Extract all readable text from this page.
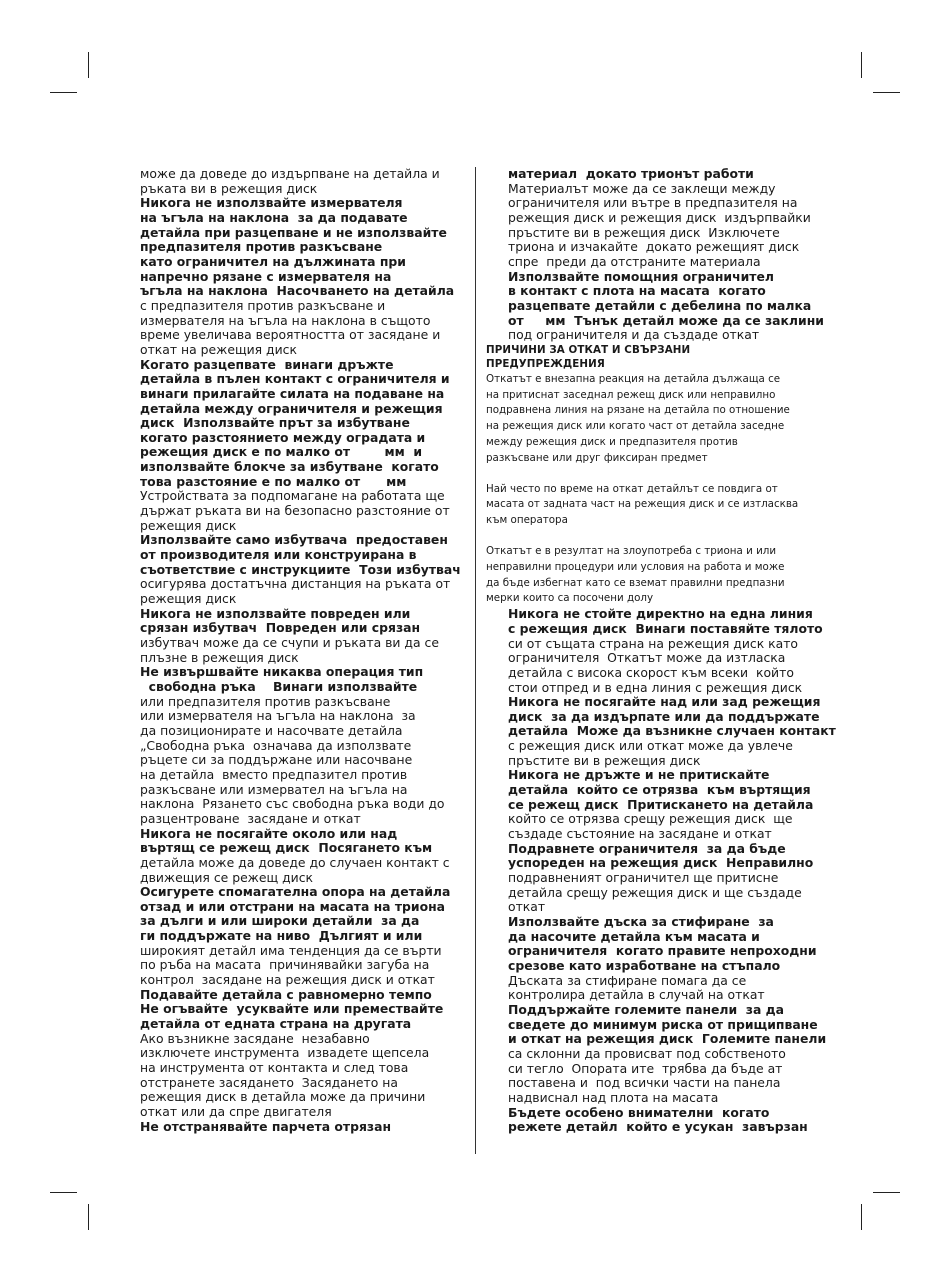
може да доведе до издърпване на детайла и
ръката ви в режещия диск
Никога не използвайте измервателя
на ъгъла на наклона  за да подавате
детайла при разцепване и не използвайте
предпазителя против разкъсване
като ограничител на дължината при
напречно рязане с измервателя на
ъгъла на наклона  Насочването на детайла
с предпазителя против разкъсване и
измервателя на ъгъла на наклона в същото
време увеличава вероятността от засядане и
откат на режещия диск
Когато разцепвате  винаги дръжте
детайла в пълен контакт с ограничителя и
винаги прилагайте силата на подаване на
детайла между ограничителя и режещия
диск  Използвайте прът за избутване
когато разстоянието между оградата и
режещия диск е по малко от        мм  и
използвайте блокче за избутване  когато
това разстояние е по малко от      мм
Устройствата за подпомагане на работата ще
държат ръката ви на безопасно разстояние от
режещия диск
Използвайте само избутвача  предоставен
от производителя или конструирана в
съответствие с инструкциите  Този избутвач
осигурява достатъчна дистанция на ръката от
режещия диск
Никога не използвайте повреден или
срязан избутвач  Повреден или срязан
избутвач може да се счупи и ръката ви да се
плъзне в режещия диск
Не извършвайте никаква операция тип
свободна ръка    Винаги използвайте
или предпазителя против разкъсване
или измервателя на ъгъла на наклона  за
да позиционирате и насочвате детайла
„Свободна ръка  означава да използвате
ръцете си за поддържане или насочване
на детайла  вместо предпазител против
разкъсване или измервател на ъгъла на
наклона  Рязането със свободна ръка води до
разцентроване  засядане и откат
Никога не посягайте около или над
въртящ се режещ диск  Посягането към
детайла може да доведе до случаен контакт с
движещия се режещ диск
Осигурете спомагателна опора на детайла
отзад и или отстрани на масата на триона
за дълги и или широки детайли  за да
ги поддържате на ниво  Дългият и или
широкият детайл има тенденция да се върти
по ръба на масата  причинявайки загуба на
контрол  засядане на режещия диск и откат
Подавайте детайла с равномерно темпо
Не огъвайте  усуквайте или премествайте
детайла от едната страна на другата
Ако възникне засядане  незабавно
изключете инструмента  извадете щепсела
на инструмента от контакта и след това
отстранете засядането  Засядането на
режещия диск в детайла може да причини
откат или да спре двигателя
Не отстранявайте парчета отрязан
материал  докато трионът работи
Материалът може да се заклещи между
ограничителя или вътре в предпазителя на
режещия диск и режещия диск  издърпвайки
пръстите ви в режещия диск  Изключете
триона и изчакайте  докато режещият диск
спре  преди да отстраните материала
Използвайте помощния ограничител
в контакт с плота на масата  когато
разцепвате детайли с дебелина по малка
от     мм  Тънък детайл може да се заклини
под ограничителя и да създаде откат
ПРИЧИНИ ЗА ОТКАТ И СВЪРЗАНИ
ПРЕДУПРЕЖДЕНИЯ
Откатът е внезапна реакция на детайла дължаща се
на притиснат заседнал режещ диск или неправилно
подравнена линия на рязане на детайла по отношение
на режещия диск или когато част от детайла заседне
между режещия диск и предпазителя против
разкъсване или друг фиксиран предмет
Най често по време на откат детайлът се повдига от
масата от задната част на режещия диск и се изтласква
към оператора
Откатът е в резултат на злоупотреба с триона и или
неправилни процедури или условия на работа и може
да бъде избегнат като се вземат правилни предпазни
мерки които са посочени долу
Никога не стойте директно на една линия
с режещия диск  Винаги поставяйте тялото
си от същата страна на режещия диск като
ограничителя  Откатът може да изтласка
детайла с висока скорост към всеки  който
стои отпред и в една линия с режещия диск
Никога не посягайте над или зад режещия
диск  за да издърпате или да поддържате
детайла  Може да възникне случаен контакт
с режещия диск или откат може да увлече
пръстите ви в режещия диск
Никога не дръжте и не притискайте
детайла  който се отрязва  към въртящия
се режещ диск  Притискането на детайла
който се отрязва срещу режещия диск  ще
създаде състояние на засядане и откат
Подравнете ограничителя  за да бъде
успореден на режещия диск  Неправилно
подравненият ограничител ще притисне
детайла срещу режещия диск и ще създаде
откат
Използвайте дъска за стифиране  за
да насочите детайла към масата и
ограничителя  когато правите непроходни
срезове като изработване на стъпало
Дъската за стифиране помага да се
контролира детайла в случай на откат
Поддържайте големите панели  за да
сведете до минимум риска от прищипване
и откат на режещия диск  Големите панели
са склонни да провисват под собственото
си тегло  Опората ите  трябва да бъде ат
поставена и  под всички части на панела
надвиснал над плота на масата
Бъдете особено внимателни  когато
режете детайл  който е усукан  завързан
